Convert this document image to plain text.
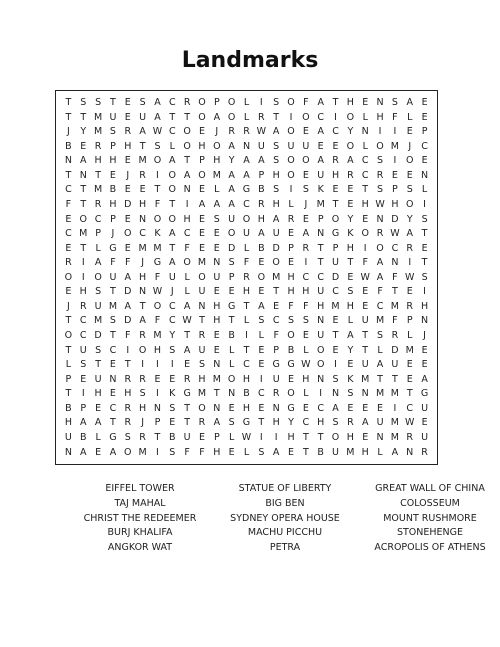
Landmarks
T S S T E S A C R O P O L	I	S O F A T H E N S A E
T T M U E U A T T O A O L R T	I	O C	I	O L H F L E
J	Y M S R A W C O E	J	R R W A O E A C Y N	I	I	E P
B E R P H T S L O H O A N U S U U E E O L O M J	C
N A H H E M O A T P H Y A A S O O A R A C S	I	O E
T N T E	J	R	I	O A O M A A P H O E U H R C R E E N
C T M B E E T O N E L A G B S	I	S K E E T S P S L
F T R H D H F T	I	A A A C R H L	J M T E H W H O	I
E O C P E N O O H E S U O H A R E P O Y E N D Y S
C M P	J	O C K A C E E O U A U E A N G K O R W A T
E T L G E M M T F E E D L B D P R T P H	I	O C R E
R	I	A F F	J	G A O M N S F E O E	I	T U T F A N	I	T
O	I	O U A H F U L O U P R O M H C C D E W A F W S
E H S T D N W J	L U E E H E T H H U C S E F T E	I
J	R U M A T O C A N H G T A E F F H M H E C M R H
T C M S D A F C W T H T L S C S S N E L U M F P N
O C D T F R M Y T R E B	I	L F O E U T A T S R L	J
T U S C	I	O H S A U E L T E P B L O E Y T L D M E
L S T E T	I	I	I	E S N L C E G G W O	I	E U A U E E
P E U N R R E E R H M O H	I	U E H N S K M T T E A
T	I	H E H S	I	K G M T N B C R O L	I	N S N M M T G
B P E C R H N S T O N E H E N G E C A E E E	I	C U
H A A T R	J	P E T R A S G T H Y C H S R A U M W E
U B L G S R T B U E P L W I	I	H T T O H E N M R U
N A E A O M I	S F F H E L S A E T B U M H L A N R
EIFFEL TOWER	STATUE OF LIBERTY	GREAT WALL OF CHINA
TAJ MAHAL	BIG BEN	COLOSSEUM
CHRIST THE REDEEMER	SYDNEY OPERA HOUSE	MOUNT RUSHMORE
BURJ KHALIFA	MACHU PICCHU	STONEHENGE
ANGKOR WAT	PETRA	ACROPOLIS OF ATHENS
